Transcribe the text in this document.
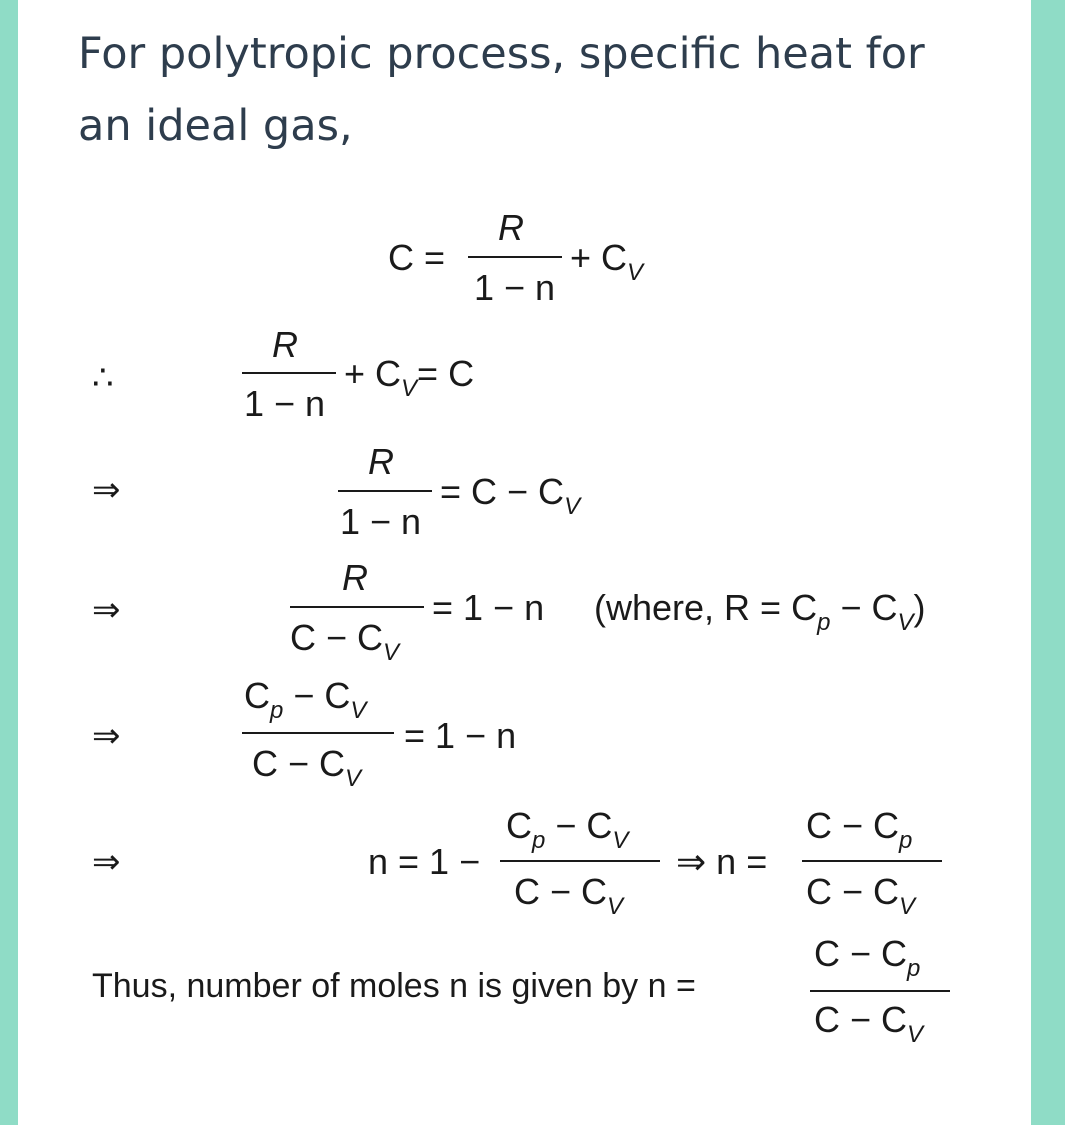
For polytropic process, specific heat for an ideal gas,
C =
R
1 − n
+ $C_V$
∴
R
1 − n
+ $C_V= C$
⇒
R
1 − n
= $C - C_V$
⇒
R
$C - C_V$
= 1 − n (where, $R = C_p - C_V$)
⇒
$C_p - C_V$
$C - C_V$
= 1 − n
⇒	n = 1 −
$C_p - C_V$
$C - C_V$
⇒ n =
$C - C_p$
$C - C_V$
Thus, number of moles n is given by n =
$C - C_p$
$C - C_V$
